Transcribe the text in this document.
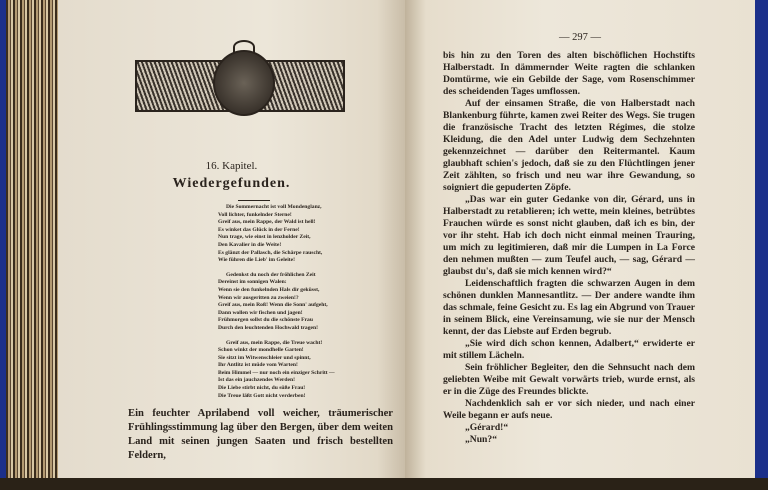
16. Kapitel.
Wiedergefunden.
Die Sommernacht ist voll Mondenglanz,
Voll lichter, funkelnder Sterne!
Greif aus, mein Rappe, der Wald ist hell!
Es winket das Glück in der Ferne!
Nun trage, wie einst in lenzholder Zeit,
Den Kavalier in die Weite!
Es glänzt der Pallasch, die Schärpe rauscht,
Wie führen die Lieb' im Geleite!
Gedenkst du noch der fröhlichen Zeit
Dereinst im sonnigen Walen:
Wenn sie den funkelnden Hals dir geküsst,
Wenn wir ausgeritten zu zweien!?
Greif aus, mein Roß! Wenn die Sonn' aufgeht,
Dann wollen wir fischen und jagen!
Frühmorgen sollst du die schönste Frau
Durch den leuchtenden Hochwald tragen!
Greif aus, mein Rappe, die Treue wacht!
Schon winkt der mondhelle Garten!
Sie sitzt im Witwenschleier und spinnt,
Ihr Antlitz ist müde vom Warten!
Beim Himmel — nur noch ein einziger Schritt —
Ist das ein jauchzendes Werden!
Die Liebe stirbt nicht, du süße Frau!
Die Treue läßt Gott nicht verderben!
Ein feuchter Aprilabend voll weicher, träumerischer Frühlingsstimmung lag über den Bergen, über dem weiten Land mit seinen jungen Saaten und frisch bestellten Feldern,
— 297 —

bis hin zu den Toren des alten bischöflichen Hochstifts Halberstadt. In dämmernder Weite ragten die schlanken Domtürme, wie ein Gebilde der Sage, vom Rosenschimmer des scheidenden Tages umflossen.

Auf der einsamen Straße, die von Halberstadt nach Blankenburg führte, kamen zwei Reiter des Wegs. Sie trugen die französische Tracht des letzten Régimes, die stolze Kleidung, die den Adel unter Ludwig dem Sechzehnten gekennzeichnet — darüber den Reitermantel. Kaum glaubhaft schien's jedoch, daß sie zu den Flüchtlingen jener Zeit zählten, so frisch und neu war ihre Gewandung, so soigniert die gepuderten Zöpfe.

„Das war ein guter Gedanke von dir, Gérard, uns in Halberstadt zu retablieren; ich wette, mein kleines, betrübtes Frauchen würde es sonst nicht glauben, daß ich es bin, der vor ihr steht. Hab ich doch nicht einmal meinen Trauring, um mich zu legitimieren, daß mir die Lumpen in La Force den nehmen mußten — zum Teufel auch, — sag, Gérard — glaubst du's, daß sie mich kennen wird?“

Leidenschaftlich fragten die schwarzen Augen in dem schönen dunklen Mannesantlitz. — Der andere wandte ihm das schmale, feine Gesicht zu. Es lag ein Abgrund von Trauer in seinem Blick, eine Vereinsamung, wie sie nur der Mensch kennt, der das Liebste auf Erden begrub.

„Sie wird dich schon kennen, Adalbert,“ erwiderte er mit stillem Lächeln.

Sein fröhlicher Begleiter, den die Sehnsucht nach dem geliebten Weibe mit Gewalt vorwärts trieb, wurde ernst, als er in die Züge des Freundes blickte.

Nachdenklich sah er vor sich nieder, und nach einer Weile begann er aufs neue.

„Gérard!“

„Nun?“
